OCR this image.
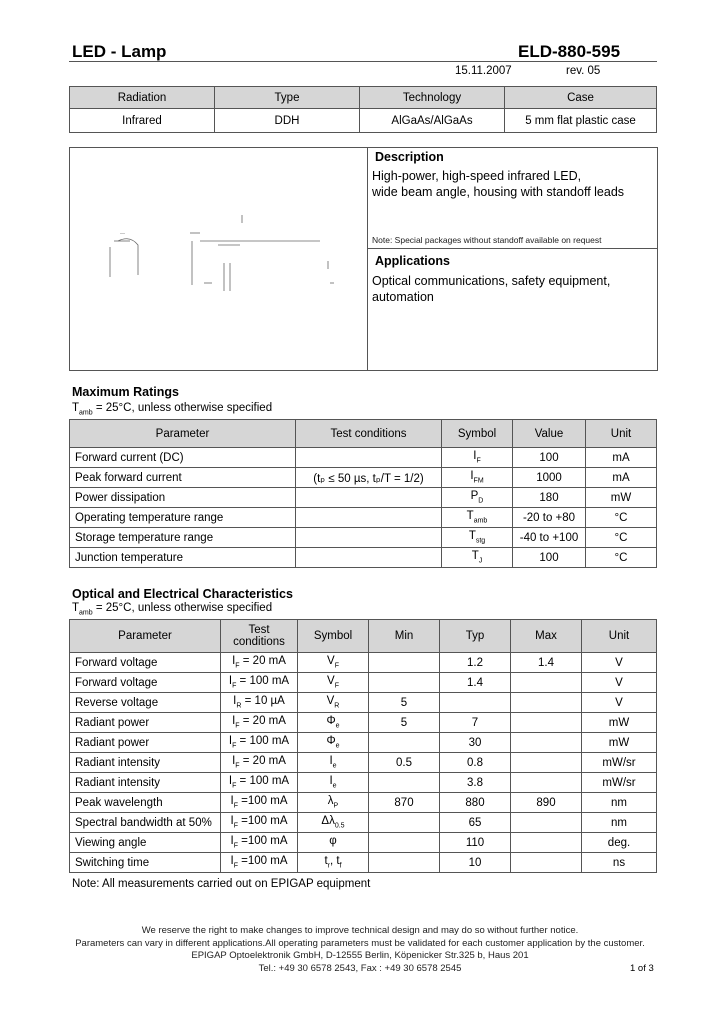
LED - Lamp	ELD-880-595
15.11.2007	rev. 05
Radiation	Type	Technology	Case
Infrared	DDH	AlGaAs/AlGaAs	5 mm flat plastic case
—
Description
High-power, high-speed infrared LED,
wide beam angle, housing with standoff leads
Note: Special packages without standoff available on request
Applications
Optical communications, safety equipment,
automation
Maximum Ratings
$T_{amb} = 25^\circ C$, unless otherwise specified
Parameter	Test conditions	Symbol	Value	Unit
Forward current (DC)		$I_F$	100	mA
Peak forward current	(tₚ ≤ 50 µs, tₚ/T = 1/2)	$I_{FM}$	1000	mA
Power dissipation		$P_D$	180	mW
Operating temperature range		$T_{amb}$	-20 to +80	°C
Storage temperature range		$T_{stg}$	-40 to +100	°C
Junction temperature		$T_J$	100	°C
Optical and Electrical Characteristics
$T_{amb} = 25^\circ C$, unless otherwise specified
Parameter	Test conditions	Symbol	Min	Typ	Max	Unit
Forward voltage	$I_F = 20$ mA	$V_F$		1.2	1.4	V
Forward voltage	$I_F = 100$ mA	$V_F$		1.4		V
Reverse voltage	$I_R = 10$ µA	$V_R$	5			V
Radiant power	$I_F = 20$ mA	$\Phi_e$	5	7		mW
Radiant power	$I_F = 100$ mA	$\Phi_e$		30		mW
Radiant intensity	$I_F = 20$ mA	$I_e$	0.5	0.8		mW/sr
Radiant intensity	$I_F = 100$ mA	$I_e$		3.8		mW/sr
Peak wavelength	$I_F =100$ mA	$\lambda_P$	870	880	890	nm
Spectral bandwidth at 50%	$I_F =100$ mA	$\Delta\lambda_{0.5}$		65		nm
Viewing angle	$I_F =100$ mA	φ		110		deg.
Switching time	$I_F =100$ mA	$t_r$, $t_f$		10		ns
Note: All measurements carried out on EPIGAP equipment
We reserve the right to make changes to improve technical design and may do so without further notice.
Parameters can vary in different applications.All operating parameters must be validated for each customer application by the customer.
EPIGAP Optoelektronik GmbH, D-12555 Berlin, Köpenicker Str.325 b, Haus 201
Tel.: +49 30 6578 2543, Fax : +49 30 6578 2545	1 of 3
